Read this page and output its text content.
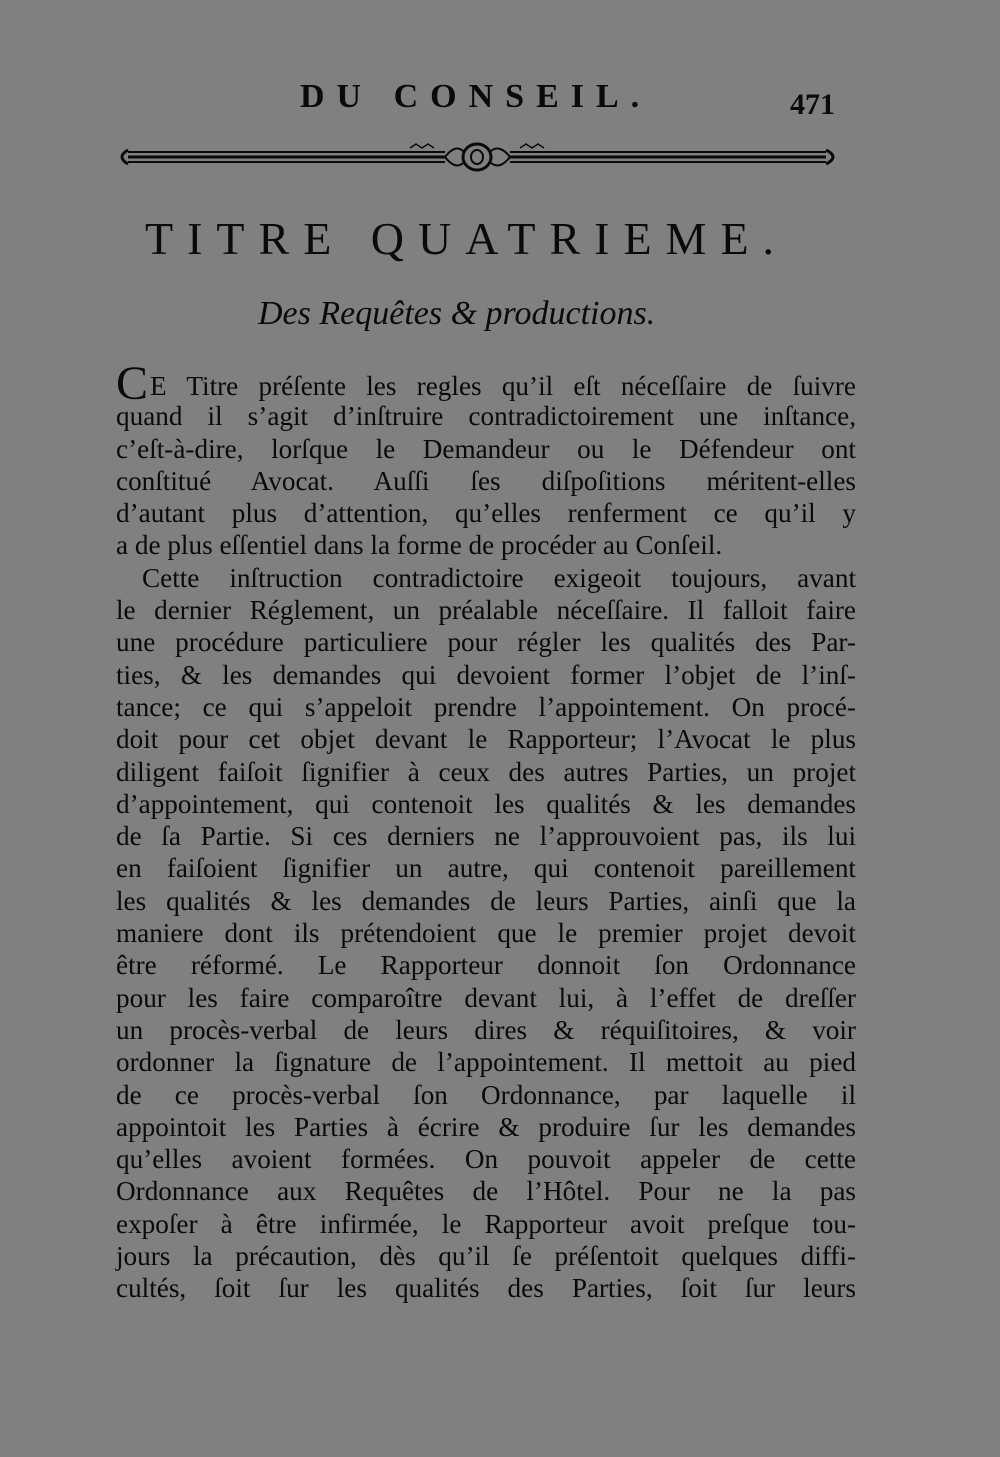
DU CONSEIL.	471
TITRE QUATRIEME.
Des Requêtes & productions.
CE Titre préſente les regles qu’il eſt néceſſaire de ſuivre
quand il s’agit d’inſtruire contradictoirement une inſtance,
c’eſt-à-dire, lorſque le Demandeur ou le Défendeur ont
conſtitué Avocat. Auſſi ſes diſpoſitions méritent-elles
d’autant plus d’attention, qu’elles renferment ce qu’il y
a de plus eſſentiel dans la forme de procéder au Conſeil.
Cette inſtruction contradictoire exigeoit toujours, avant
le dernier Réglement, un préalable néceſſaire. Il falloit faire
une procédure particuliere pour régler les qualités des Par-
ties, & les demandes qui devoient former l’objet de l’inſ-
tance; ce qui s’appeloit prendre l’appointement. On procé-
doit pour cet objet devant le Rapporteur; l’Avocat le plus
diligent faiſoit ſignifier à ceux des autres Parties, un projet
d’appointement, qui contenoit les qualités & les demandes
de ſa Partie. Si ces derniers ne l’approuvoient pas, ils lui
en faiſoient ſignifier un autre, qui contenoit pareillement
les qualités & les demandes de leurs Parties, ainſi que la
maniere dont ils prétendoient que le premier projet devoit
être réformé. Le Rapporteur donnoit ſon Ordonnance
pour les faire comparoître devant lui, à l’effet de dreſſer
un procès-verbal de leurs dires & réquiſitoires, & voir
ordonner la ſignature de l’appointement. Il mettoit au pied
de ce procès-verbal ſon Ordonnance, par laquelle il
appointoit les Parties à écrire & produire ſur les demandes
qu’elles avoient formées. On pouvoit appeler de cette
Ordonnance aux Requêtes de l’Hôtel. Pour ne la pas
expoſer à être infirmée, le Rapporteur avoit preſque tou-
jours la précaution, dès qu’il ſe préſentoit quelques diffi-
cultés, ſoit ſur les qualités des Parties, ſoit ſur leurs
